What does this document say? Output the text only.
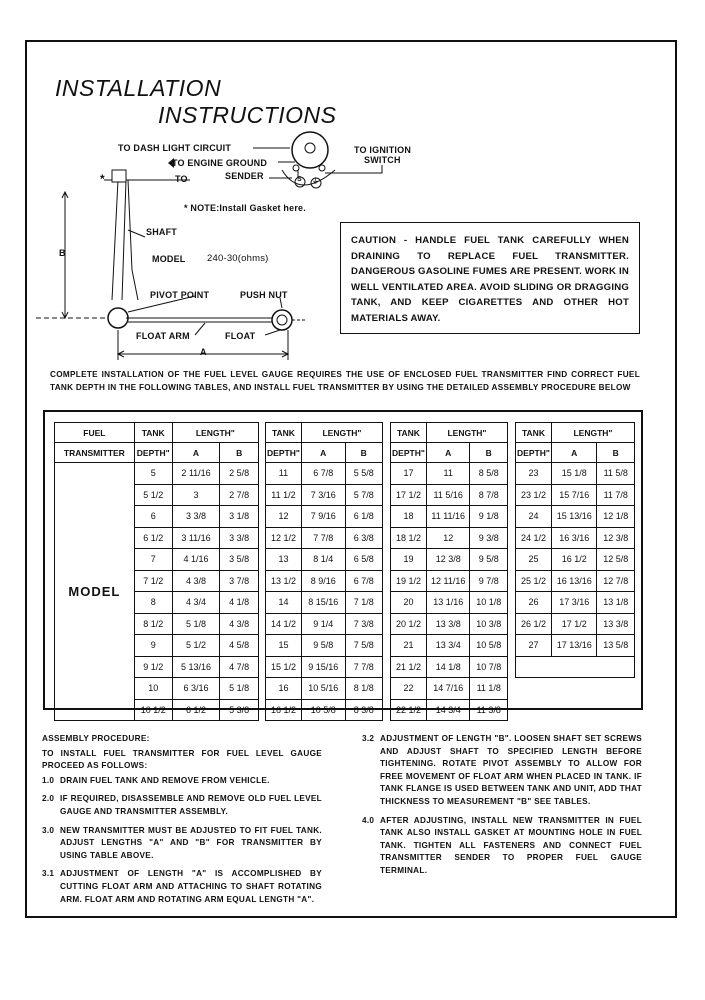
INSTALLATION
INSTRUCTIONS
TO DASH LIGHT CIRCUIT
TO ENGINE GROUND
TO	SENDER
TO IGNITION
SWITCH
S ⏚
*
* NOTE:Install Gasket here.
SHAFT
MODEL 240-30(ohms)
PIVOT POINT	PUSH NUT
FLOAT ARM	FLOAT
A
B
CAUTION - HANDLE FUEL TANK CAREFULLY WHEN DRAINING TO REPLACE FUEL TRANSMITTER. DANGEROUS GASOLINE FUMES ARE PRESENT. WORK IN WELL VENTILATED AREA. AVOID SLIDING OR DRAGGING TANK, AND KEEP CIGARETTES AND OTHER HOT MATERIALS AWAY.
COMPLETE INSTALLATION OF THE FUEL LEVEL GAUGE REQUIRES THE USE OF ENCLOSED FUEL TRANSMITTER FIND CORRECT FUEL TANK DEPTH IN THE FOLLOWING TABLES, AND INSTALL FUEL TRANSMITTER BY USING THE DETAILED ASSEMBLY PROCEDURE BELOW
FUEL	TANK	LENGTH"	
TRANSMITTER	DEPTH"	A	B
MODEL	5	2 11/16	2 5/8
	5 1/2	3	2 7/8
	6	3 3/8	3 1/8
	6 1/2	3 11/16	3 3/8
	7	4 1/16	3 5/8
	7 1/2	4 3/8	3 7/8
	8	4 3/4	4 1/8
	8 1/2	5 1/8	4 3/8
	9	5 1/2	4 5/8
	9 1/2	5 13/16	4 7/8
	10	6 3/16	5 1/8
	10 1/2	6 1/2	5 3/8
TANK	LENGTH"	
DEPTH"	A	B
11	6 7/8	5 5/8
11 1/2	7 3/16	5 7/8
12	7 9/16	6 1/8
12 1/2	7 7/8	6 3/8
13	8 1/4	6 5/8
13 1/2	8 9/16	6 7/8
14	8 15/16	7 1/8
14 1/2	9 1/4	7 3/8
15	9 5/8	7 5/8
15 1/2	9 15/16	7 7/8
16	10 5/16	8 1/8
16 1/2	10 5/8	8 3/8
TANK	LENGTH"	
DEPTH"	A	B
17	11	8 5/8
17 1/2	11 5/16	8 7/8
18	11 11/16	9 1/8
18 1/2	12	9 3/8
19	12 3/8	9 5/8
19 1/2	12 11/16	9 7/8
20	13 1/16	10 1/8
20 1/2	13 3/8	10 3/8
21	13 3/4	10 5/8
21 1/2	14 1/8	10 7/8
22	14 7/16	11 1/8
22 1/2	14 3/4	11 3/8
TANK	LENGTH"	
DEPTH"	A	B
23	15 1/8	11 5/8
23 1/2	15 7/16	11 7/8
24	15 13/16	12 1/8
24 1/2	16 3/16	12 3/8
25	16 1/2	12 5/8
25 1/2	16 13/16	12 7/8
26	17 3/16	13 1/8
26 1/2	17 1/2	13 3/8
27	17 13/16	13 5/8

ASSEMBLY PROCEDURE:

TO INSTALL FUEL TRANSMITTER FOR FUEL LEVEL GAUGE PROCEED AS FOLLOWS:

1.0 DRAIN FUEL TANK AND REMOVE FROM VEHICLE.
2.0 IF REQUIRED, DISASSEMBLE AND REMOVE OLD FUEL LEVEL GAUGE AND TRANSMITTER ASSEMBLY.
3.0 NEW TRANSMITTER MUST BE ADJUSTED TO FIT FUEL TANK. ADJUST LENGTHS "A" AND "B" FOR TRANSMITTER BY USING TABLE ABOVE.
3.1 ADJUSTMENT OF LENGTH "A" IS ACCOMPLISHED BY CUTTING FLOAT ARM AND ATTACHING TO SHAFT ROTATING ARM. FLOAT ARM AND ROTATING ARM EQUAL LENGTH "A".
3.2 ADJUSTMENT OF LENGTH "B". LOOSEN SHAFT SET SCREWS AND ADJUST SHAFT TO SPECIFIED LENGTH BEFORE TIGHTENING. ROTATE PIVOT ASSEMBLY TO ALLOW FOR FREE MOVEMENT OF FLOAT ARM WHEN PLACED IN TANK. IF TANK FLANGE IS USED BETWEEN TANK AND UNIT, ADD THAT THICKNESS TO MEASUREMENT "B" SEE TABLES.
4.0 AFTER ADJUSTING, INSTALL NEW TRANSMITTER IN FUEL TANK ALSO INSTALL GASKET AT MOUNTING HOLE IN FUEL TANK. TIGHTEN ALL FASTENERS AND CONNECT FUEL TRANSMITTER SENDER TO PROPER FUEL GAUGE TERMINAL.
